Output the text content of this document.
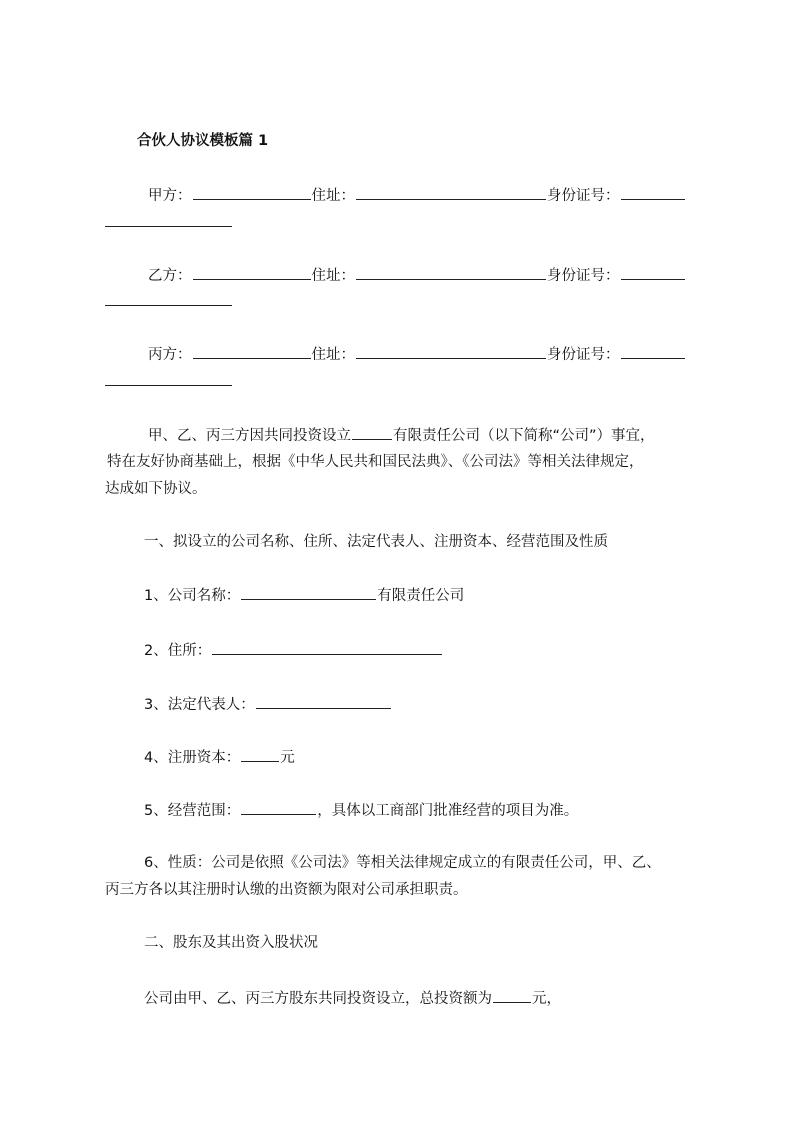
合伙人协议模板篇 1
甲方：	住址：	身份证号：
乙方：	住址：	身份证号：
丙方：	住址：	身份证号：
甲、乙、丙三方因共同投资设立	有限责任公司（以下简称“公司”）事宜，
特在友好协商基础上，根据《中华人民共和国民法典》、《公司法》等相关法律规定，
达成如下协议。
一、拟设立的公司名称、住所、法定代表人、注册资本、经营范围及性质
1、公司名称：	有限责任公司
2、住所：
3、法定代表人：
4、注册资本：	元
5、经营范围：	，具体以工商部门批准经营的项目为准。
6、性质：公司是依照《公司法》等相关法律规定成立的有限责任公司，甲、乙、
丙三方各以其注册时认缴的出资额为限对公司承担职责。
二、股东及其出资入股状况
公司由甲、乙、丙三方股东共同投资设立，总投资额为	元，
